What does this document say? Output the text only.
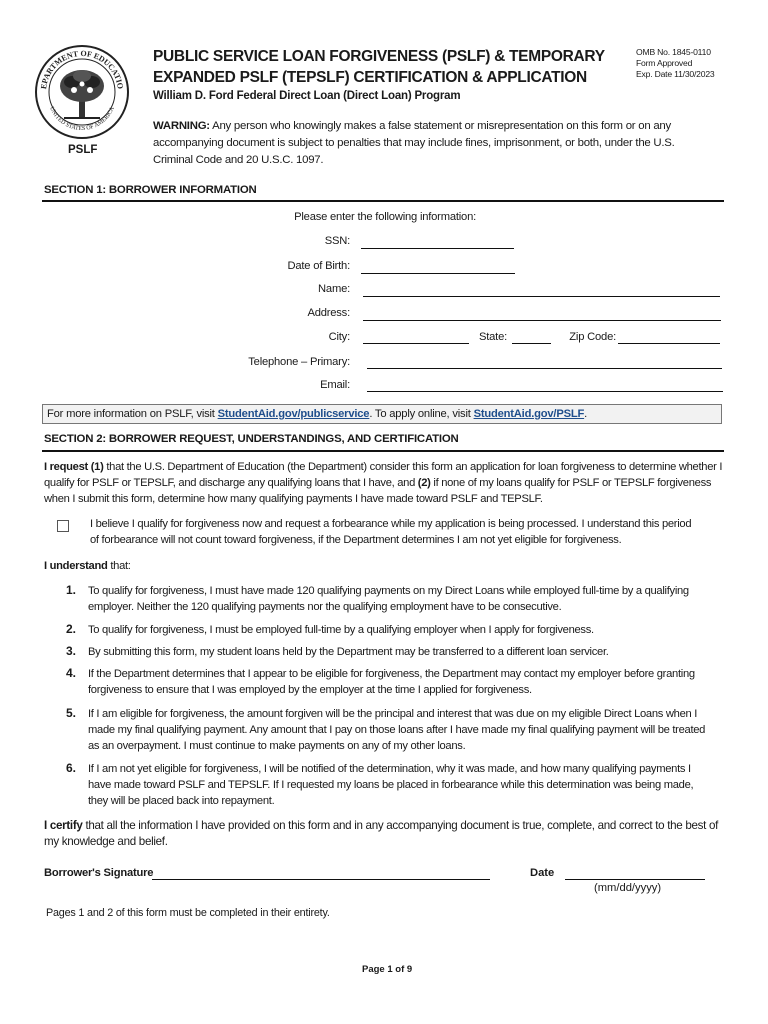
EPARTMENT OF EDUCATIO
UNITED STATES OF AMERICA
PSLF
PUBLIC SERVICE LOAN FORGIVENESS (PSLF) & TEMPORARY
EXPANDED PSLF (TEPSLF) CERTIFICATION & APPLICATION
William D. Ford Federal Direct Loan (Direct Loan) Program
OMB No. 1845-0110
Form Approved
Exp. Date 11/30/2023
WARNING: Any person who knowingly makes a false statement or misrepresentation on this form or on any accompanying document is subject to penalties that may include fines, imprisonment, or both, under the U.S. Criminal Code and 20 U.S.C. 1097.
SECTION 1: BORROWER INFORMATION
Please enter the following information:
SSN:
Date of Birth:
Name:
Address:
City:	State:	Zip Code:
Telephone – Primary:
Email:
For more information on PSLF, visit StudentAid.gov/publicservice. To apply online, visit StudentAid.gov/PSLF.
SECTION 2: BORROWER REQUEST, UNDERSTANDINGS, AND CERTIFICATION
I request (1) that the U.S. Department of Education (the Department) consider this form an application for loan forgiveness to determine whether I qualify for PSLF or TEPSLF, and discharge any qualifying loans that I have, and (2) if none of my loans qualify for PSLF or TEPSLF forgiveness when I submit this form, determine how many qualifying payments I have made toward PSLF and TEPSLF.
I believe I qualify for forgiveness now and request a forbearance while my application is being processed. I understand this period of forbearance will not count toward forgiveness, if the Department determines I am not yet eligible for forgiveness.
I understand that:
1. To qualify for forgiveness, I must have made 120 qualifying payments on my Direct Loans while employed full-time by a qualifying employer. Neither the 120 qualifying payments nor the qualifying employment have to be consecutive.
2. To qualify for forgiveness, I must be employed full-time by a qualifying employer when I apply for forgiveness.
3. By submitting this form, my student loans held by the Department may be transferred to a different loan servicer.
4. If the Department determines that I appear to be eligible for forgiveness, the Department may contact my employer before granting forgiveness to ensure that I was employed by the employer at the time I applied for forgiveness.
5. If I am eligible for forgiveness, the amount forgiven will be the principal and interest that was due on my eligible Direct Loans when I made my final qualifying payment. Any amount that I pay on those loans after I have made my final qualifying payment will be treated as an overpayment. I must continue to make payments on any of my other loans.
6. If I am not yet eligible for forgiveness, I will be notified of the determination, why it was made, and how many qualifying payments I have made toward PSLF and TEPSLF. If I requested my loans be placed in forbearance while this determination was being made, they will be placed back into repayment.
I certify that all the information I have provided on this form and in any accompanying document is true, complete, and correct to the best of my knowledge and belief.
Borrower's Signature	Date
(mm/dd/yyyy)
Pages 1 and 2 of this form must be completed in their entirety.
Page 1 of 9
